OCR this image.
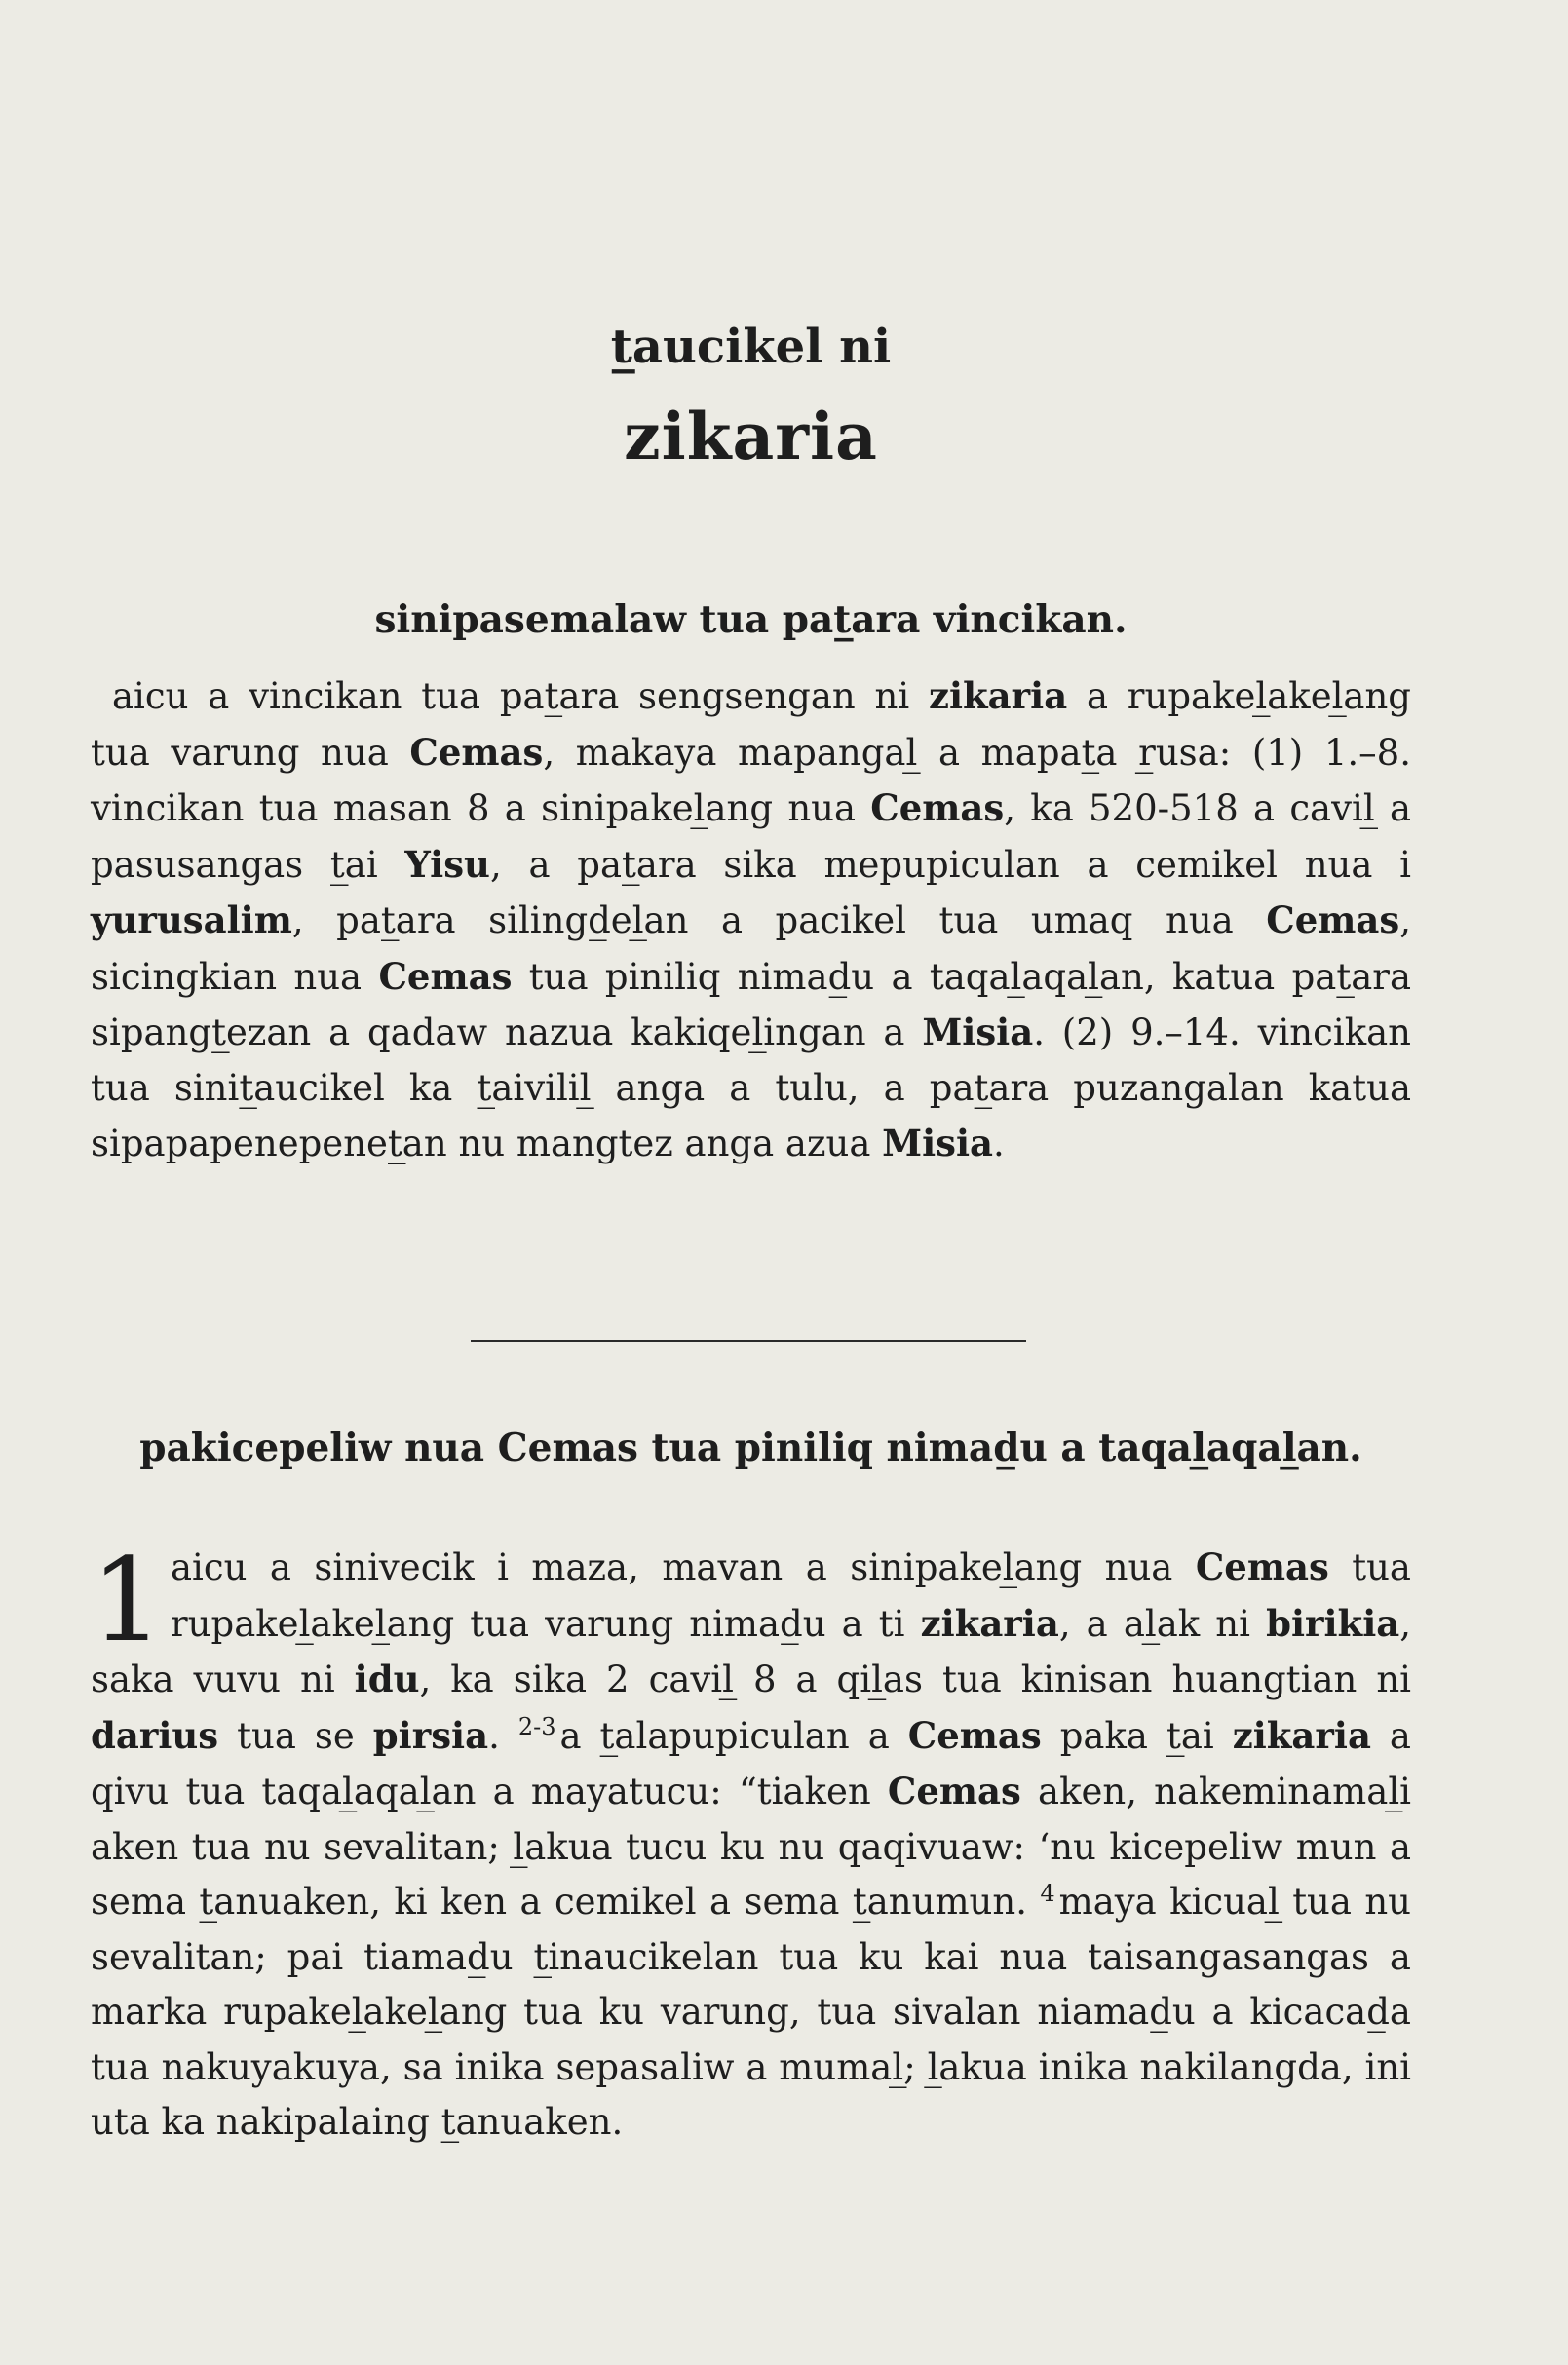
t̲aucikel ni
zikaria
sinipasemalaw tua pat̲ara vincikan.

aicu a vincikan tua pat̲ara sengsengan ni zikaria a rupakel̲akel̲ang tua varung nua Cemas, makaya mapangal̲ a mapat̲a r̲usa: (1) 1.–8. vincikan tua masan 8 a sinipakel̲ang nua Cemas, ka 520-518 a cavil̲ a pasusangas t̲ai Yisu, a pat̲ara sika mepupiculan a cemikel nua i yurusalim, pat̲ara silingd̲el̲an a pacikel tua umaq nua Cemas, sicingkian nua Cemas tua piniliq nimad̲u a taqal̲aqal̲an, katua pat̲ara sipangt̲ezan a qadaw nazua kakiqel̲ingan a Misia. (2) 9.–14. vincikan tua sinit̲aucikel ka t̲aivilil̲ anga a tulu, a pat̲ara puzangalan katua sipapapenepenet̲an nu mangtez anga azua Misia.

pakicepeliw nua Cemas tua piniliq nimad̲u a taqal̲aqal̲an.

1 aicu a sinivecik i maza, mavan a sinipakel̲ang nua Cemas tua rupakel̲akel̲ang tua varung nimad̲u a ti zikaria, a al̲ak ni birikia, saka vuvu ni idu, ka sika 2 cavil̲ 8 a qil̲as tua kinisan huangtian ni darius tua se pirsia. $^{2-3}$ a t̲alapupiculan a Cemas paka t̲ai zikaria a qivu tua taqal̲aqal̲an a mayatucu: “tiaken Cemas aken, nakeminamal̲i aken tua nu sevalitan; l̲akua tucu ku nu qaqivuaw: ‘nu kicepeliw mun a sema t̲anuaken, ki ken a cemikel a sema t̲anumun. $^4$ maya kicual̲ tua nu sevalitan; pai tiamad̲u t̲inaucikelan tua ku kai nua taisangasangas a marka rupakel̲akel̲ang tua ku varung, tua sivalan niamad̲u a kicacad̲a tua nakuyakuya, sa inika sepasaliw a mumal̲; l̲akua inika nakilangda, ini uta ka nakipalaing t̲anuaken.
